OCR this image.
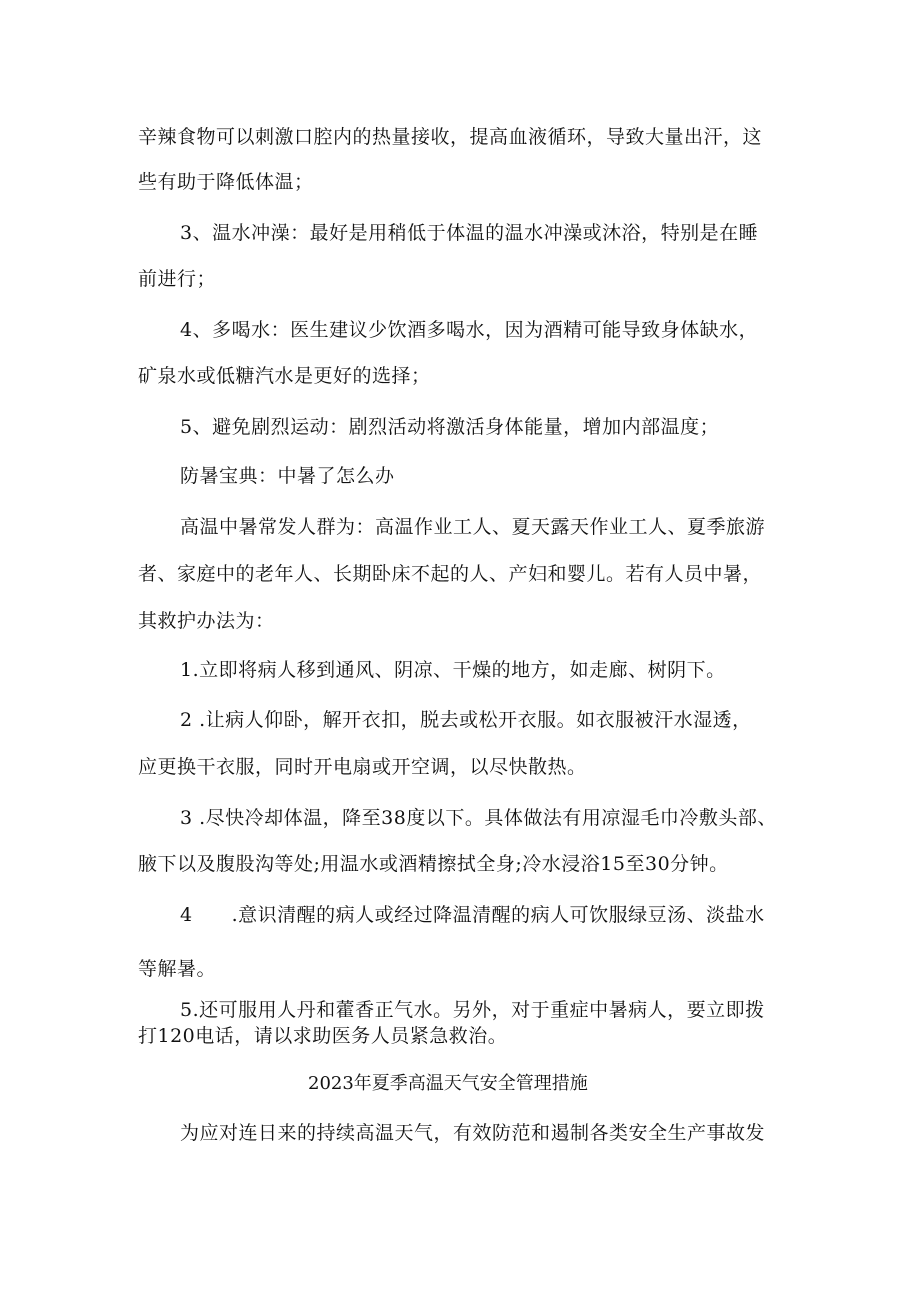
辛辣食物可以刺激口腔内的热量接收，提高血液循环，导致大量出汗，这
些有助于降低体温；
3、温水冲澡：最好是用稍低于体温的温水冲澡或沐浴，特别是在睡
前进行；
4、多喝水：医生建议少饮酒多喝水，因为酒精可能导致身体缺水，
矿泉水或低糖汽水是更好的选择；
5、避免剧烈运动：剧烈活动将激活身体能量，增加内部温度；
防暑宝典：中暑了怎么办
高温中暑常发人群为：高温作业工人、夏天露天作业工人、夏季旅游
者、家庭中的老年人、长期卧床不起的人、产妇和婴儿。若有人员中暑，
其救护办法为：
1.立即将病人移到通风、阴凉、干燥的地方，如走廊、树阴下。
2 .让病人仰卧，解开衣扣，脱去或松开衣服。如衣服被汗水湿透，
应更换干衣服，同时开电扇或开空调，以尽快散热。
3 .尽快冷却体温，降至38度以下。具体做法有用凉湿毛巾冷敷头部、
腋下以及腹股沟等处;用温水或酒精擦拭全身;冷水浸浴15至30分钟。
4　　.意识清醒的病人或经过降温清醒的病人可饮服绿豆汤、淡盐水
等解暑。
5.还可服用人丹和藿香正气水。另外，对于重症中暑病人，要立即拨
打120电话，请以求助医务人员紧急救治。
2023年夏季高温天气安全管理措施
为应对连日来的持续高温天气，有效防范和遏制各类安全生产事故发
